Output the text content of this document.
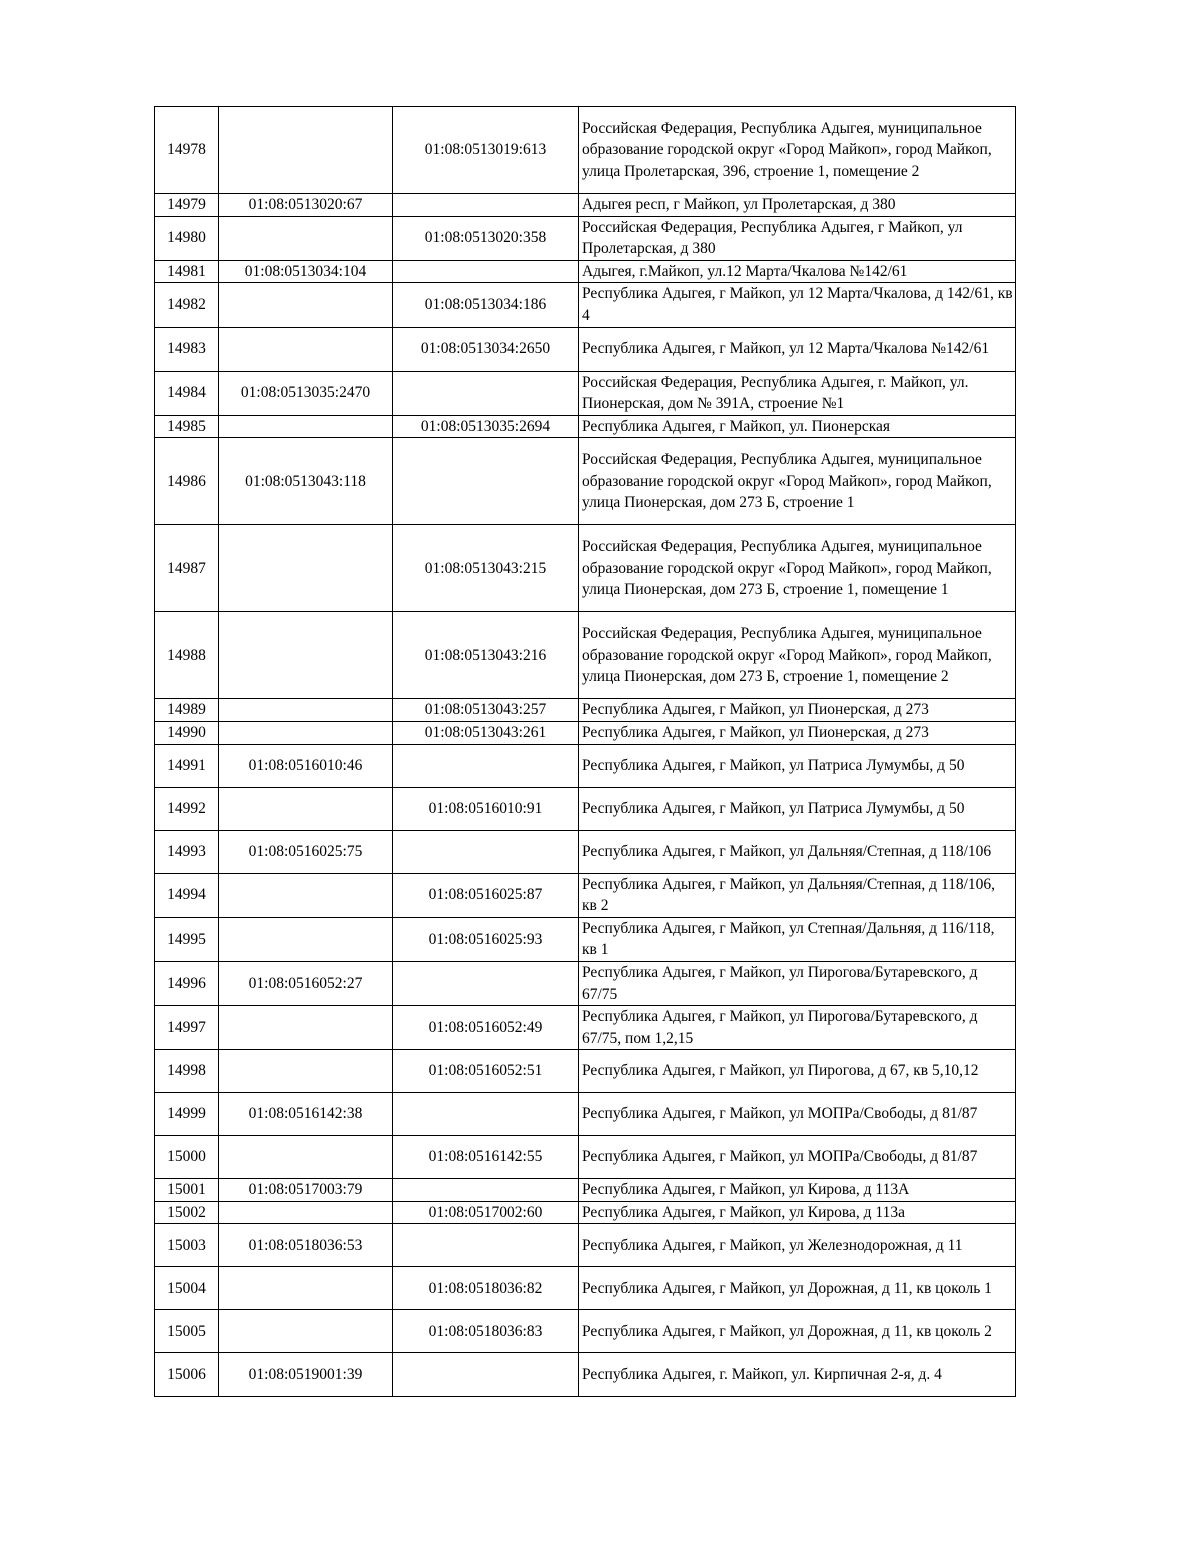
14978		01:08:0513019:613	Российская Федерация, Республика Адыгея, муниципальное образование городской округ «Город Майкоп», город Майкоп, улица Пролетарская, 396, строение 1, помещение 2
14979	01:08:0513020:67		Адыгея респ, г Майкоп, ул Пролетарская, д 380
14980		01:08:0513020:358	Российская Федерация, Республика Адыгея, г Майкоп, ул Пролетарская, д 380
14981	01:08:0513034:104		Адыгея, г.Майкоп, ул.12 Марта/Чкалова №142/61
14982		01:08:0513034:186	Республика Адыгея, г Майкоп, ул 12 Марта/Чкалова, д 142/61, кв 4
14983		01:08:0513034:2650	Республика Адыгея, г Майкоп, ул 12 Марта/Чкалова №142/61
14984	01:08:0513035:2470		Российская Федерация, Республика Адыгея, г. Майкоп, ул. Пионерская, дом № 391А, строение №1
14985		01:08:0513035:2694	Республика Адыгея, г Майкоп, ул. Пионерская
14986	01:08:0513043:118		Российская Федерация, Республика Адыгея, муниципальное образование городской округ «Город Майкоп», город Майкоп, улица Пионерская, дом 273 Б, строение 1
14987		01:08:0513043:215	Российская Федерация, Республика Адыгея, муниципальное образование городской округ «Город Майкоп», город Майкоп, улица Пионерская, дом 273 Б, строение 1, помещение 1
14988		01:08:0513043:216	Российская Федерация, Республика Адыгея, муниципальное образование городской округ «Город Майкоп», город Майкоп, улица Пионерская, дом 273 Б, строение 1, помещение 2
14989		01:08:0513043:257	Республика Адыгея, г Майкоп, ул Пионерская, д 273
14990		01:08:0513043:261	Республика Адыгея, г Майкоп, ул Пионерская, д 273
14991	01:08:0516010:46		Республика Адыгея, г Майкоп, ул Патриса Лумумбы, д 50
14992		01:08:0516010:91	Республика Адыгея, г Майкоп, ул Патриса Лумумбы, д 50
14993	01:08:0516025:75		Республика Адыгея, г Майкоп, ул Дальняя/Степная, д 118/106
14994		01:08:0516025:87	Республика Адыгея, г Майкоп, ул Дальняя/Степная, д 118/106, кв 2
14995		01:08:0516025:93	Республика Адыгея, г Майкоп, ул Степная/Дальняя, д 116/118, кв 1
14996	01:08:0516052:27		Республика Адыгея, г Майкоп, ул Пирогова/Бутаревского, д 67/75
14997		01:08:0516052:49	Республика Адыгея, г Майкоп, ул Пирогова/Бутаревского, д 67/75, пом 1,2,15
14998		01:08:0516052:51	Республика Адыгея, г Майкоп, ул Пирогова, д 67, кв 5,10,12
14999	01:08:0516142:38		Республика Адыгея, г Майкоп, ул МОПРа/Свободы, д 81/87
15000		01:08:0516142:55	Республика Адыгея, г Майкоп, ул МОПРа/Свободы, д 81/87
15001	01:08:0517003:79		Республика Адыгея, г Майкоп, ул Кирова, д 113А
15002		01:08:0517002:60	Республика Адыгея, г Майкоп, ул Кирова, д 113а
15003	01:08:0518036:53		Республика Адыгея, г Майкоп, ул Железнодорожная, д 11
15004		01:08:0518036:82	Республика Адыгея, г Майкоп, ул Дорожная, д 11, кв цоколь 1
15005		01:08:0518036:83	Республика Адыгея, г Майкоп, ул Дорожная, д 11, кв цоколь 2
15006	01:08:0519001:39		Республика Адыгея, г. Майкоп, ул. Кирпичная 2-я, д. 4
